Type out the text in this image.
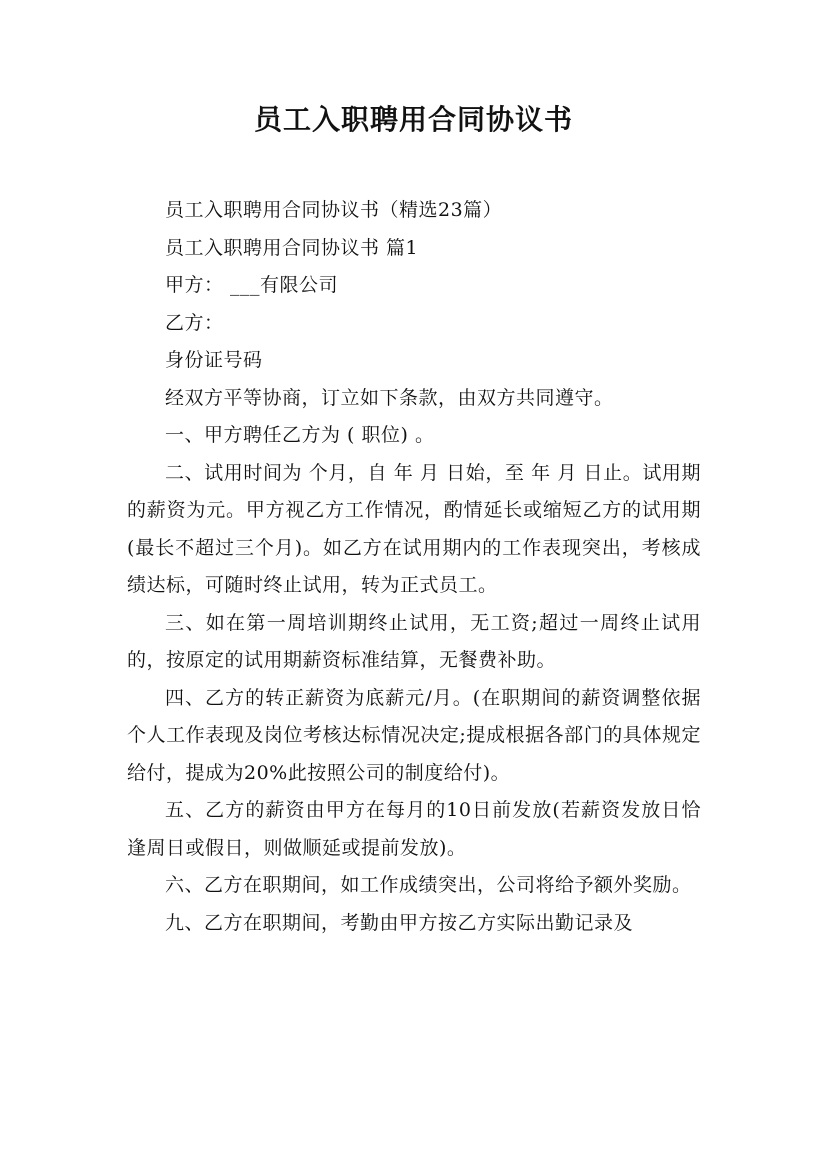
员工入职聘用合同协议书

员工入职聘用合同协议书（精选23篇）

员工入职聘用合同协议书 篇1

甲方： ___有限公司

乙方：

身份证号码

经双方平等协商，订立如下条款，由双方共同遵守。

一、甲方聘任乙方为 ( 职位) 。

二、试用时间为 个月，自 年 月 日始，至 年 月 日止。试用期的薪资为元。甲方视乙方工作情况，酌情延长或缩短乙方的试用期(最长不超过三个月)。如乙方在试用期内的工作表现突出，考核成绩达标，可随时终止试用，转为正式员工。

三、如在第一周培训期终止试用，无工资;超过一周终止试用的，按原定的试用期薪资标准结算，无餐费补助。

四、乙方的转正薪资为底薪元/月。(在职期间的薪资调整依据个人工作表现及岗位考核达标情况决定;提成根据各部门的具体规定给付，提成为20%此按照公司的制度给付)。

五、乙方的薪资由甲方在每月的10日前发放(若薪资发放日恰逢周日或假日，则做顺延或提前发放)。

六、乙方在职期间，如工作成绩突出，公司将给予额外奖励。

九、乙方在职期间，考勤由甲方按乙方实际出勤记录及
